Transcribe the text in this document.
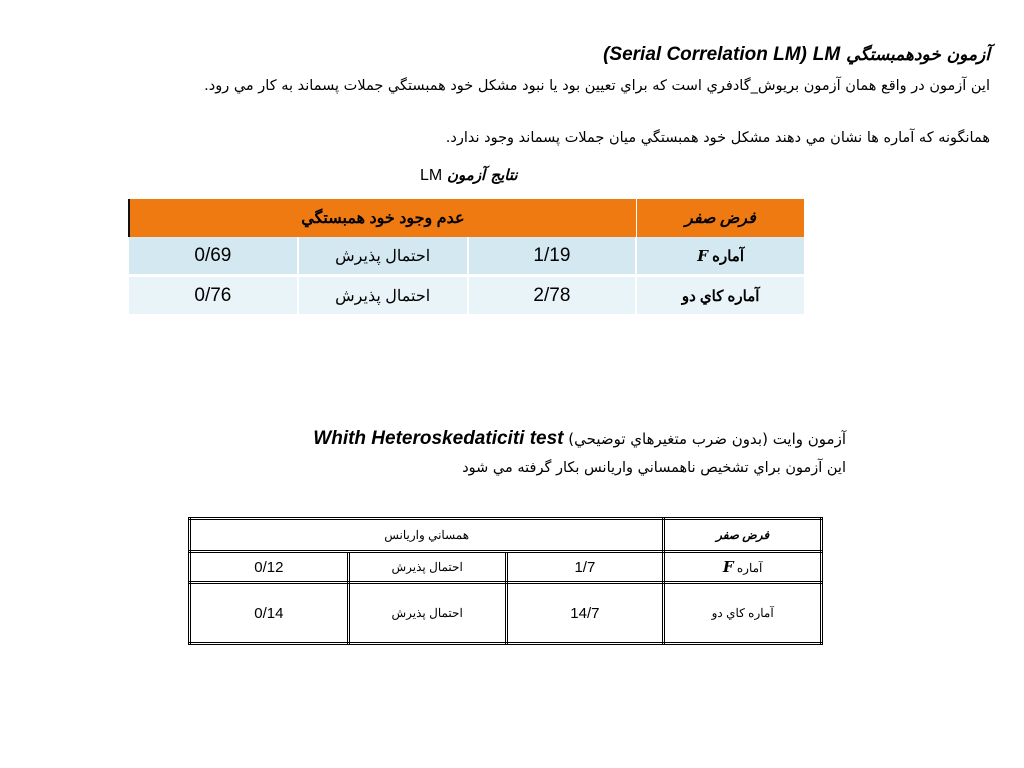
آزمون خودهمبستگي LM (Serial Correlation LM)
اين آزمون در واقع همان آزمون بريوش_گادفري است كه براي تعيين بود يا نبود مشكل خود همبستگي جملات پسماند به كار مي رود.
همانگونه كه آماره ها نشان مي دهند مشكل خود همبستگي ميان جملات پسماند وجود ندارد.
نتايج آزمون LM
فرض صفر	عدم وجود خود همبستگي		
آماره F	1/19	احتمال پذيرش	0/69
آماره كاي دو	2/78	احتمال پذيرش	0/76
آزمون وايت (بدون ضرب متغيرهاي توضيحي) Whith Heteroskedaticiti test
اين آزمون براي تشخيص ناهمساني واريانس بكار گرفته مي شود
فرض صفر	همساني واريانس		
آماره F	1/7	احتمال پذيرش	0/12
آماره كاي دو	14/7	احتمال پذيرش	0/14
